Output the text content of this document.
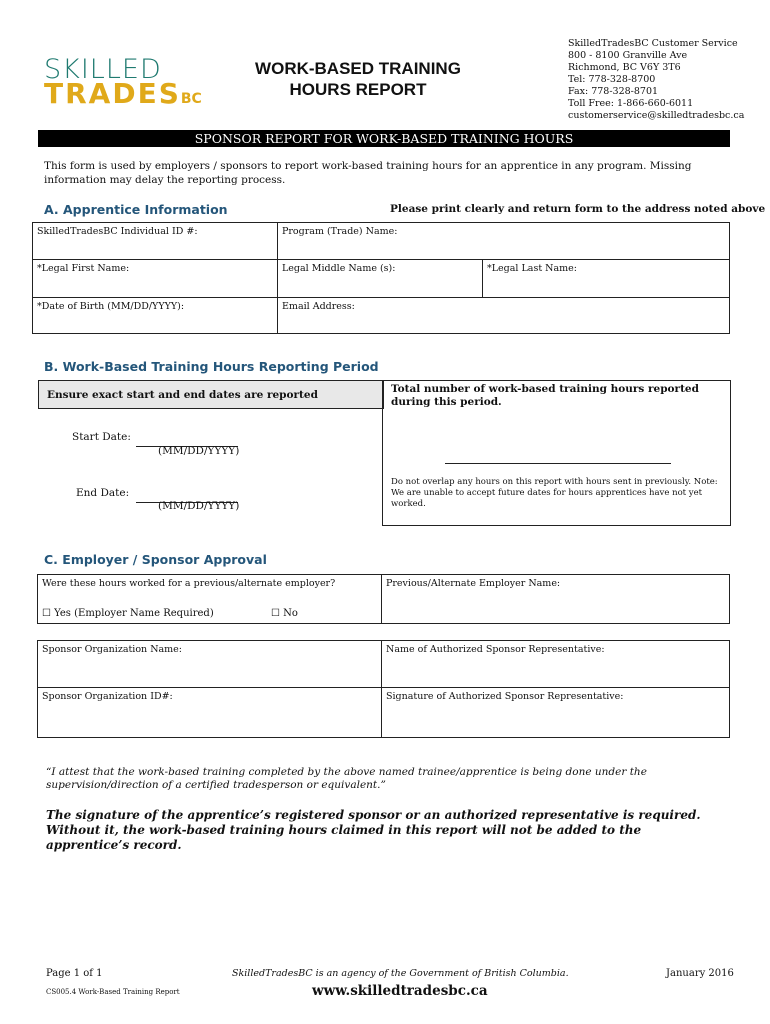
SKILLED
TRADESBC
WORK-BASED TRAINING
HOURS REPORT
SkilledTradesBC Customer Service
800 - 8100 Granville Ave
Richmond, BC V6Y 3T6
Tel: 778-328-8700
Fax: 778-328-8701
Toll Free: 1-866-660-6011
customerservice@skilledtradesbc.ca
SPONSOR REPORT FOR WORK-BASED TRAINING HOURS
This form is used by employers / sponsors to report work-based training hours for an apprentice in any program. Missing information may delay the reporting process.
A. Apprentice Information	Please print clearly and return form to the address noted above
SkilledTradesBC Individual ID #:	Program (Trade) Name:	
*Legal First Name:	Legal Middle Name (s):	*Legal Last Name:
*Date of Birth (MM/DD/YYYY):	Email Address:	
B. Work-Based Training Hours Reporting Period
Ensure exact start and end dates are reported
Start Date:
(MM/DD/YYYY)
End Date:
(MM/DD/YYYY)
Total number of work-based training hours reported during this period.
Do not overlap any hours on this report with hours sent in previously. Note: We are unable to accept future dates for hours apprentices have not yet worked.
C. Employer / Sponsor Approval
Were these hours worked for a previous/alternate employer?
☐ Yes (Employer Name Required)	☐ No
	Previous/Alternate Employer Name:
Sponsor Organization Name:	Name of Authorized Sponsor Representative:
Sponsor Organization ID#:	Signature of Authorized Sponsor Representative:
“I attest that the work-based training completed by the above named trainee/apprentice is being done under the supervision/direction of a certified tradesperson or equivalent.”
The signature of the apprentice’s registered sponsor or an authorized representative is required. Without it, the work-based training hours claimed in this report will not be added to the apprentice’s record.
Page 1 of 1
CS005.4 Work-Based Training Report
SkilledTradesBC is an agency of the Government of British Columbia.
www.skilledtradesbc.ca
January 2016
